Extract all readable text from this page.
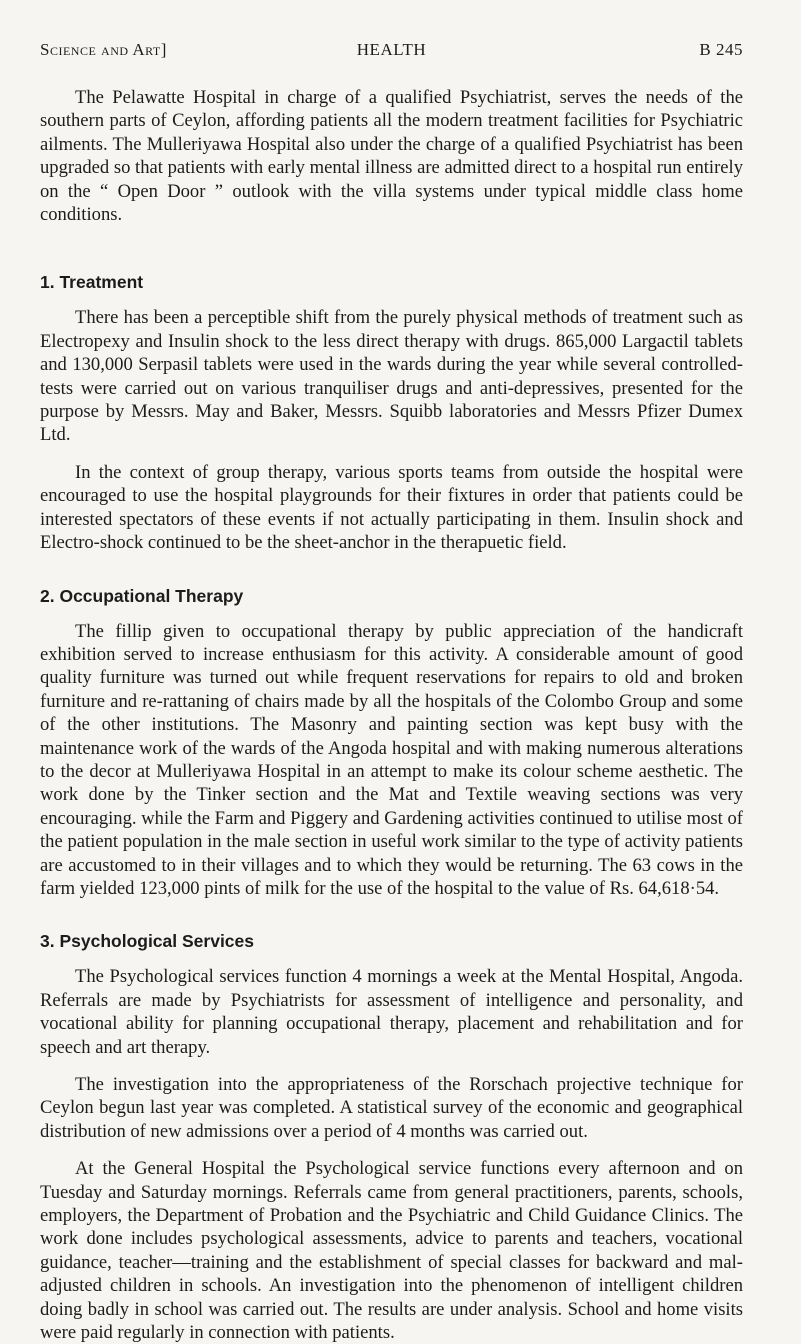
Science and Art]	HEALTH	B 245

The Pelawatte Hospital in charge of a qualified Psychiatrist, serves the needs of the southern parts of Ceylon, affording patients all the modern treatment facilities for Psychiatric ailments. The Mulleriyawa Hospital also under the charge of a qualified Psychiatrist has been upgraded so that patients with early mental illness are admitted direct to a hospital run entirely on the “ Open Door ” outlook with the villa systems under typical middle class home conditions.

1. Treatment

There has been a perceptible shift from the purely physical methods of treatment such as Electropexy and Insulin shock to the less direct therapy with drugs. 865,000 Largactil tablets and 130,000 Serpasil tablets were used in the wards during the year while several controlled-tests were carried out on various tranquiliser drugs and anti-depressives, presented for the purpose by Messrs. May and Baker, Messrs. Squibb laboratories and Messrs Pfizer Dumex Ltd.

In the context of group therapy, various sports teams from outside the hospital were encouraged to use the hospital playgrounds for their fixtures in order that patients could be interested spectators of these events if not actually participating in them. Insulin shock and Electro-shock continued to be the sheet-anchor in the therapuetic field.

2. Occupational Therapy

The fillip given to occupational therapy by public appreciation of the handicraft exhibition served to increase enthusiasm for this activity. A considerable amount of good quality furniture was turned out while frequent reservations for repairs to old and broken furniture and re-rattaning of chairs made by all the hospitals of the Colombo Group and some of the other institutions. The Masonry and painting section was kept busy with the maintenance work of the wards of the Angoda hospital and with making numerous alterations to the decor at Mulleriyawa Hospital in an attempt to make its colour scheme aesthetic. The work done by the Tinker section and the Mat and Textile weaving sections was very encouraging. while the Farm and Piggery and Gardening activities continued to utilise most of the patient population in the male section in useful work similar to the type of activity patients are accustomed to in their villages and to which they would be returning. The 63 cows in the farm yielded 123,000 pints of milk for the use of the hospital to the value of Rs. 64,618·54.

3. Psychological Services

The Psychological services function 4 mornings a week at the Mental Hospital, Angoda. Referrals are made by Psychiatrists for assessment of intelligence and personality, and vocational ability for planning occupational therapy, placement and rehabilitation and for speech and art therapy.

The investigation into the appropriateness of the Rorschach projective technique for Ceylon begun last year was completed. A statistical survey of the economic and geographical distribution of new admissions over a period of 4 months was carried out.

At the General Hospital the Psychological service functions every afternoon and on Tuesday and Saturday mornings. Referrals came from general practitioners, parents, schools, employers, the Department of Probation and the Psychiatric and Child Guidance Clinics. The work done includes psychological assessments, advice to parents and teachers, vocational guidance, teacher—training and the establishment of special classes for backward and mal-adjusted children in schools. An investigation into the phenomenon of intelligent children doing badly in school was carried out. The results are under analysis. School and home visits were paid regularly in connection with patients.
